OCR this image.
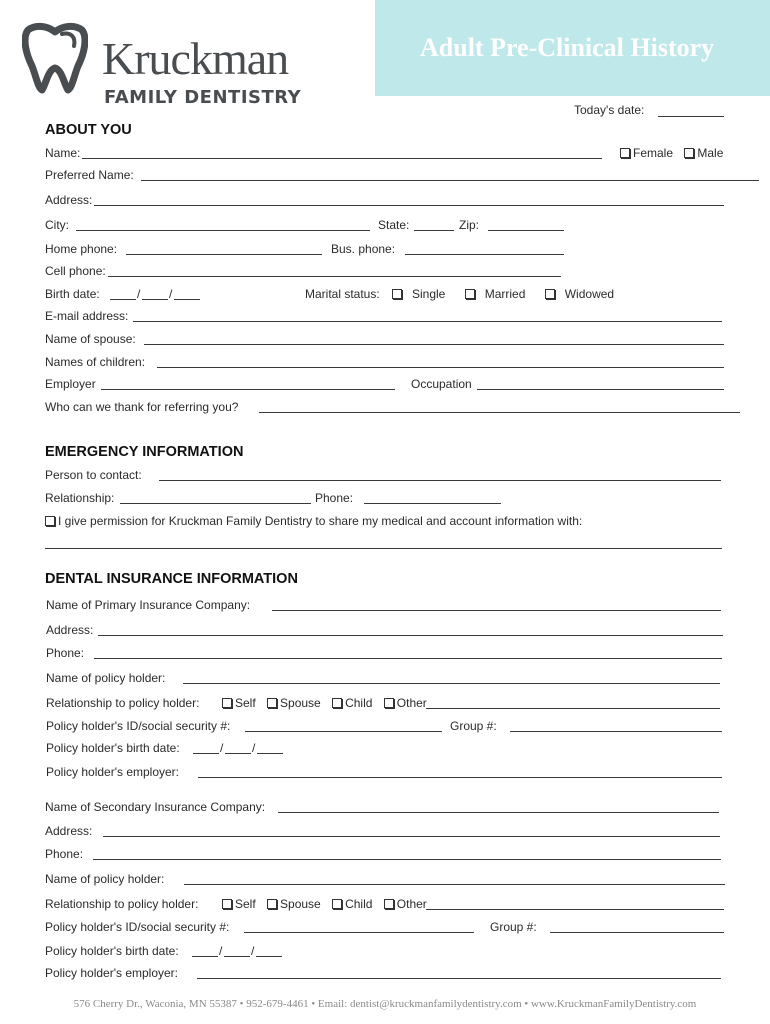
Kruckman
FAMILY DENTISTRY
Adult Pre-Clinical History
Today's date:
ABOUT YOU
Name:	Female Male
Preferred Name:
Address:
City:	State:	Zip:
Home phone:	Bus. phone:
Cell phone:
Birth date:	/ /	Marital status:	Single	Married	Widowed
E-mail address:
Name of spouse:
Names of children:
Employer	Occupation
Who can we thank for referring you?
EMERGENCY INFORMATION
Person to contact:
Relationship:	Phone:
I give permission for Kruckman Family Dentistry to share my medical and account information with:
DENTAL INSURANCE INFORMATION
Name of Primary Insurance Company:
Address:
Phone:
Name of policy holder:
Relationship to policy holder:	Self Spouse Child Other
Policy holder's ID/social security #:	Group #:
Policy holder's birth date:	/ /
Policy holder's employer:
Name of Secondary Insurance Company:
Address:
Phone:
Name of policy holder:
Relationship to policy holder:	Self Spouse Child Other
Policy holder's ID/social security #:	Group #:
Policy holder's birth date:	/ /
Policy holder's employer:
576 Cherry Dr., Waconia, MN 55387 • 952-679-4461 • Email: dentist@kruckmanfamilydentistry.com • www.KruckmanFamilyDentistry.com
